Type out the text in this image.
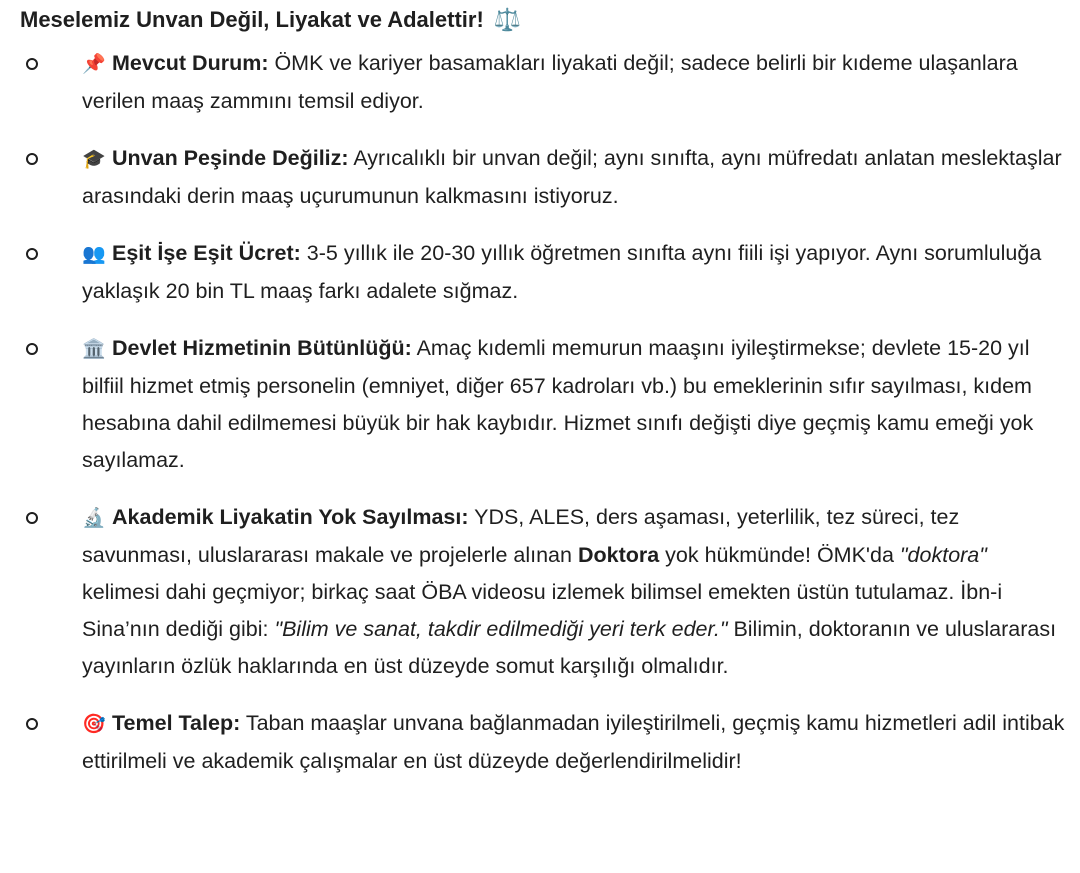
Meselemiz Unvan Değil, Liyakat ve Adalettir! ⚖️
📌 Mevcut Durum: ÖMK ve kariyer basamakları liyakati değil; sadece belirli bir kıdeme ulaşanlara verilen maaş zammını temsil ediyor.
🎓 Unvan Peşinde Değiliz: Ayrıcalıklı bir unvan değil; aynı sınıfta, aynı müfredatı anlatan meslektaşlar arasındaki derin maaş uçurumunun kalkmasını istiyoruz.
👥 Eşit İşe Eşit Ücret: 3-5 yıllık ile 20-30 yıllık öğretmen sınıfta aynı fiili işi yapıyor. Aynı sorumluluğa yaklaşık 20 bin TL maaş farkı adalete sığmaz.
🏛️ Devlet Hizmetinin Bütünlüğü: Amaç kıdemli memurun maaşını iyileştirmekse; devlete 15-20 yıl bilfiil hizmet etmiş personelin (emniyet, diğer 657 kadroları vb.) bu emeklerinin sıfır sayılması, kıdem hesabına dahil edilmemesi büyük bir hak kaybıdır. Hizmet sınıfı değişti diye geçmiş kamu emeği yok sayılamaz.
🔬 Akademik Liyakatin Yok Sayılması: YDS, ALES, ders aşaması, yeterlilik, tez süreci, tez savunması, uluslararası makale ve projelerle alınan Doktora yok hükmünde! ÖMK'da "doktora" kelimesi dahi geçmiyor; birkaç saat ÖBA videosu izlemek bilimsel emekten üstün tutulamaz. İbn-i Sina’nın dediği gibi: "Bilim ve sanat, takdir edilmediği yeri terk eder." Bilimin, doktoranın ve uluslararası yayınların özlük haklarında en üst düzeyde somut karşılığı olmalıdır.
🎯 Temel Talep: Taban maaşlar unvana bağlanmadan iyileştirilmeli, geçmiş kamu hizmetleri adil intibak ettirilmeli ve akademik çalışmalar en üst düzeyde değerlendirilmelidir!
